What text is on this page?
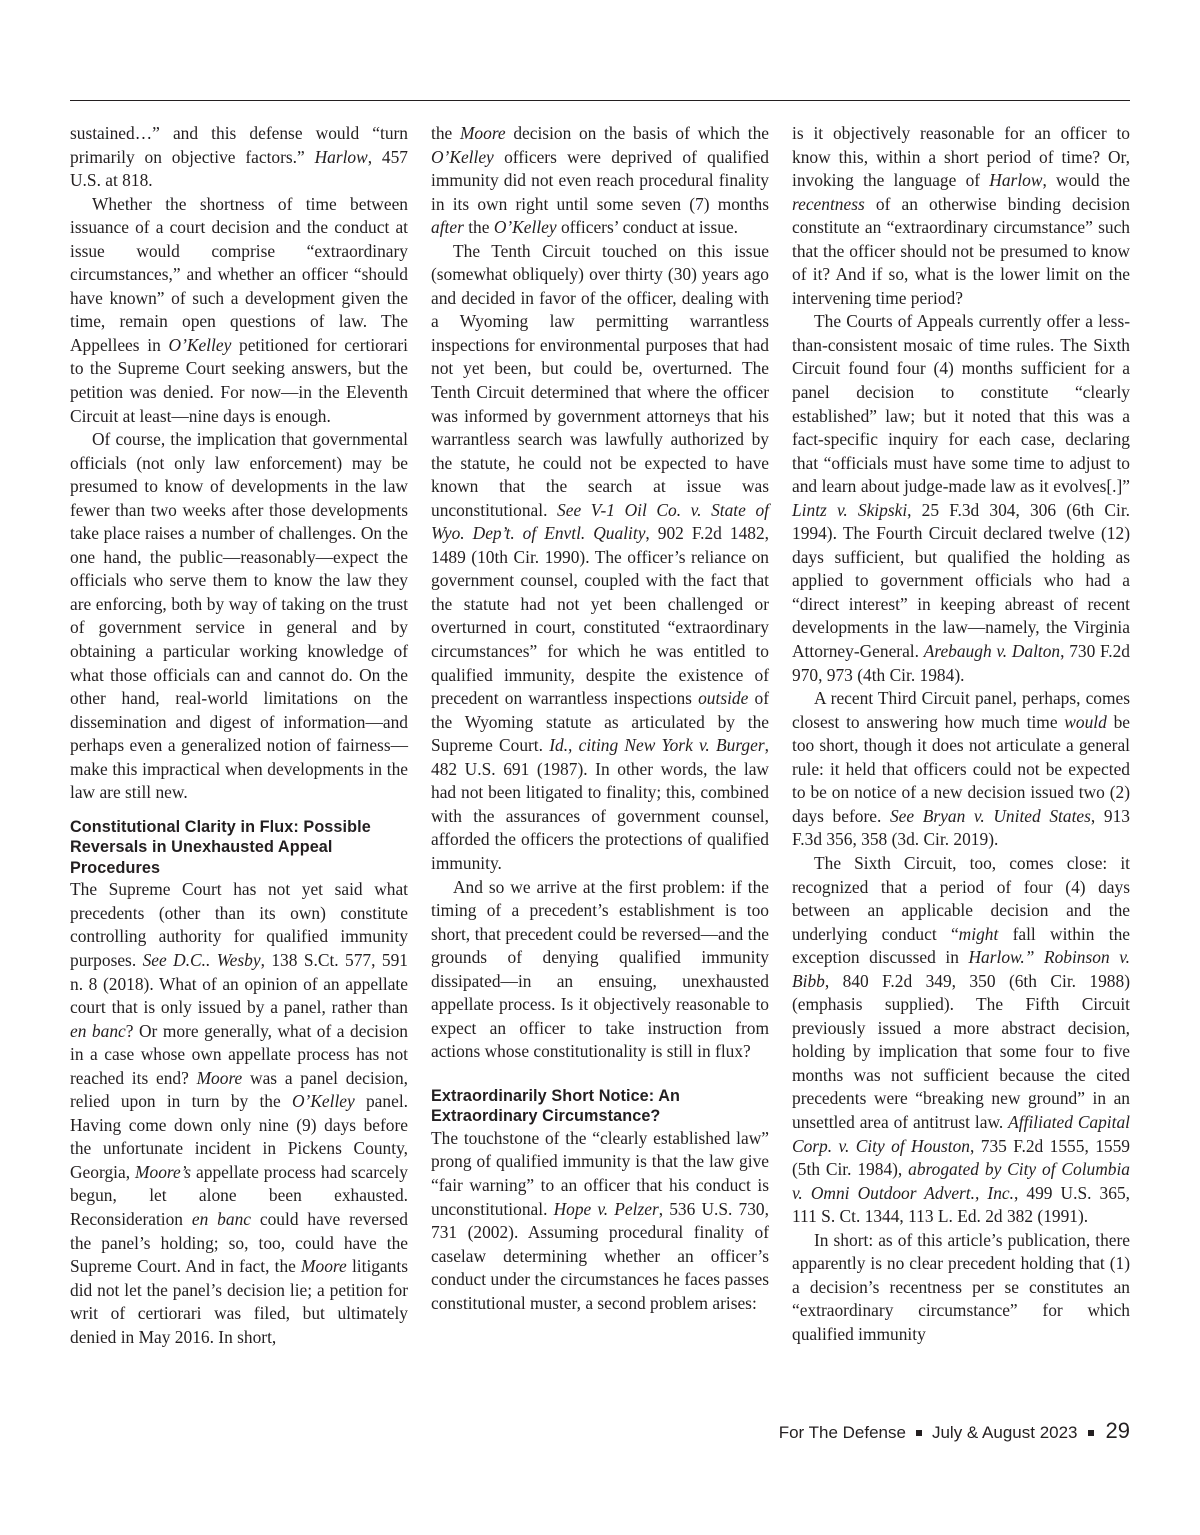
sustained…” and this defense would “turn primarily on objective factors.” Harlow, 457 U.S. at 818.

Whether the shortness of time between issuance of a court decision and the conduct at issue would comprise “extraordinary circumstances,” and whether an officer “should have known” of such a development given the time, remain open questions of law. The Appellees in O’Kelley petitioned for certiorari to the Supreme Court seeking answers, but the petition was denied. For now—in the Eleventh Circuit at least—nine days is enough.

Of course, the implication that governmental officials (not only law enforcement) may be presumed to know of developments in the law fewer than two weeks after those developments take place raises a number of challenges. On the one hand, the public—reasonably—expect the officials who serve them to know the law they are enforcing, both by way of taking on the trust of government service in general and by obtaining a particular working knowledge of what those officials can and cannot do. On the other hand, real-world limitations on the dissemination and digest of information—and perhaps even a generalized notion of fairness—make this impractical when developments in the law are still new.

Constitutional Clarity in Flux: Possible Reversals in Unexhausted Appeal Procedures

The Supreme Court has not yet said what precedents (other than its own) constitute controlling authority for qualified immunity purposes. See D.C.. Wesby, 138 S.Ct. 577, 591 n. 8 (2018). What of an opinion of an appellate court that is only issued by a panel, rather than en banc? Or more generally, what of a decision in a case whose own appellate process has not reached its end? Moore was a panel decision, relied upon in turn by the O’Kelley panel. Having come down only nine (9) days before the unfortunate incident in Pickens County, Georgia, Moore’s appellate process had scarcely begun, let alone been exhausted. Reconsideration en banc could have reversed the panel’s holding; so, too, could have the Supreme Court. And in fact, the Moore litigants did not let the panel’s decision lie; a petition for writ of certiorari was filed, but ultimately denied in May 2016. In short,

the Moore decision on the basis of which the O’Kelley officers were deprived of qualified immunity did not even reach procedural finality in its own right until some seven (7) months after the O’Kelley officers’ conduct at issue.

The Tenth Circuit touched on this issue (somewhat obliquely) over thirty (30) years ago and decided in favor of the officer, dealing with a Wyoming law permitting warrantless inspections for environmental purposes that had not yet been, but could be, overturned. The Tenth Circuit determined that where the officer was informed by government attorneys that his warrantless search was lawfully authorized by the statute, he could not be expected to have known that the search at issue was unconstitutional. See V-1 Oil Co. v. State of Wyo. Dep’t. of Envtl. Quality, 902 F.2d 1482, 1489 (10th Cir. 1990). The officer’s reliance on government counsel, coupled with the fact that the statute had not yet been challenged or overturned in court, constituted “extraordinary circumstances” for which he was entitled to qualified immunity, despite the existence of precedent on warrantless inspections outside of the Wyoming statute as articulated by the Supreme Court. Id., citing New York v. Burger, 482 U.S. 691 (1987). In other words, the law had not been litigated to finality; this, combined with the assurances of government counsel, afforded the officers the protections of qualified immunity.

And so we arrive at the first problem: if the timing of a precedent’s establishment is too short, that precedent could be reversed—and the grounds of denying qualified immunity dissipated—in an ensuing, unexhausted appellate process. Is it objectively reasonable to expect an officer to take instruction from actions whose constitutionality is still in flux?

Extraordinarily Short Notice: An Extraordinary Circumstance?

The touchstone of the “clearly established law” prong of qualified immunity is that the law give “fair warning” to an officer that his conduct is unconstitutional. Hope v. Pelzer, 536 U.S. 730, 731 (2002). Assuming procedural finality of caselaw determining whether an officer’s conduct under the circumstances he faces passes constitutional muster, a second problem arises:

is it objectively reasonable for an officer to know this, within a short period of time? Or, invoking the language of Harlow, would the recentness of an otherwise binding decision constitute an “extraordinary circumstance” such that the officer should not be presumed to know of it? And if so, what is the lower limit on the intervening time period?

The Courts of Appeals currently offer a less-than-consistent mosaic of time rules. The Sixth Circuit found four (4) months sufficient for a panel decision to constitute “clearly established” law; but it noted that this was a fact-specific inquiry for each case, declaring that “officials must have some time to adjust to and learn about judge-made law as it evolves[.]” Lintz v. Skipski, 25 F.3d 304, 306 (6th Cir. 1994). The Fourth Circuit declared twelve (12) days sufficient, but qualified the holding as applied to government officials who had a “direct interest” in keeping abreast of recent developments in the law—namely, the Virginia Attorney-General. Arebaugh v. Dalton, 730 F.2d 970, 973 (4th Cir. 1984).

A recent Third Circuit panel, perhaps, comes closest to answering how much time would be too short, though it does not articulate a general rule: it held that officers could not be expected to be on notice of a new decision issued two (2) days before. See Bryan v. United States, 913 F.3d 356, 358 (3d. Cir. 2019).

The Sixth Circuit, too, comes close: it recognized that a period of four (4) days between an applicable decision and the underlying conduct “might fall within the exception discussed in Harlow.” Robinson v. Bibb, 840 F.2d 349, 350 (6th Cir. 1988) (emphasis supplied). The Fifth Circuit previously issued a more abstract decision, holding by implication that some four to five months was not sufficient because the cited precedents were “breaking new ground” in an unsettled area of antitrust law. Affiliated Capital Corp. v. City of Houston, 735 F.2d 1555, 1559 (5th Cir. 1984), abrogated by City of Columbia v. Omni Outdoor Advert., Inc., 499 U.S. 365, 111 S. Ct. 1344, 113 L. Ed. 2d 382 (1991).

In short: as of this article’s publication, there apparently is no clear precedent holding that (1) a decision’s recentness per se constitutes an “extraordinary circumstance” for which qualified immunity

For The Defense July & August 2023 29
